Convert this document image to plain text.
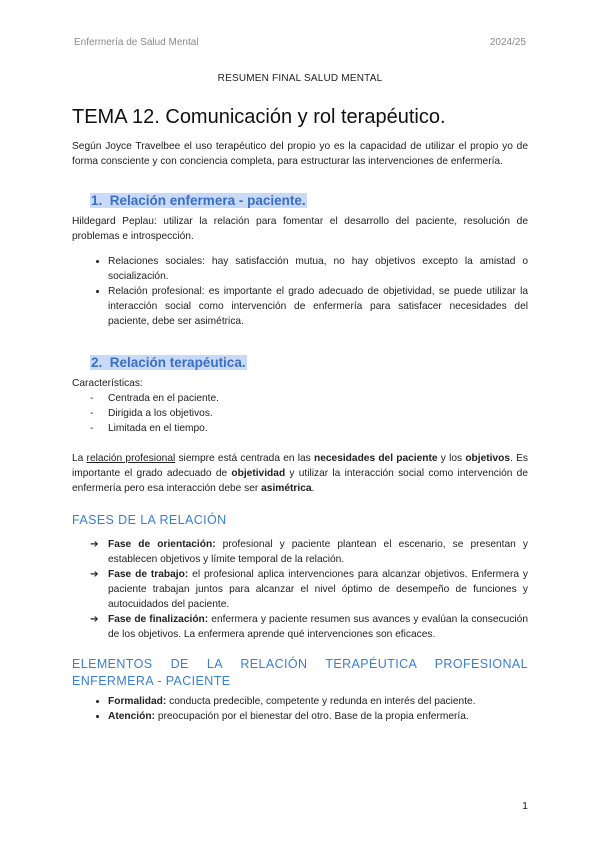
Enfermería de Salud Mental	2024/25
RESUMEN FINAL SALUD MENTAL
TEMA 12. Comunicación y rol terapéutico.

Según Joyce Travelbee el uso terapéutico del propio yo es la capacidad de utilizar el propio yo de forma consciente y con conciencia completa, para estructurar las intervenciones de enfermería.

1. Relación enfermera - paciente.

Hildegard Peplau: utilizar la relación para fomentar el desarrollo del paciente, resolución de problemas e introspección.

• Relaciones sociales: hay satisfacción mutua, no hay objetivos excepto la amistad o socialización.
• Relación profesional: es importante el grado adecuado de objetividad, se puede utilizar la interacción social como intervención de enfermería para satisfacer necesidades del paciente, debe ser asimétrica.
2. Relación terapéutica.

Características:

- Centrada en el paciente.
- Dirigida a los objetivos.
- Limitada en el tiempo.

La relación profesional siempre está centrada en las necesidades del paciente y los objetivos. Es importante el grado adecuado de objetividad y utilizar la interacción social como intervención de enfermería pero esa interacción debe ser asimétrica.

FASES DE LA RELACIÓN
➔ Fase de orientación: profesional y paciente plantean el escenario, se presentan y establecen objetivos y límite temporal de la relación.
➔ Fase de trabajo: el profesional aplica intervenciones para alcanzar objetivos. Enfermera y paciente trabajan juntos para alcanzar el nivel óptimo de desempeño de funciones y autocuidados del paciente.
➔ Fase de finalización: enfermera y paciente resumen sus avances y evalúan la consecución de los objetivos. La enfermera aprende qué intervenciones son eficaces.
ELEMENTOS DE LA RELACIÓN TERAPÉUTICA PROFESIONAL ENFERMERA - PACIENTE
• Formalidad: conducta predecible, competente y redunda en interés del paciente.
• Atención: preocupación por el bienestar del otro. Base de la propia enfermería.
1
